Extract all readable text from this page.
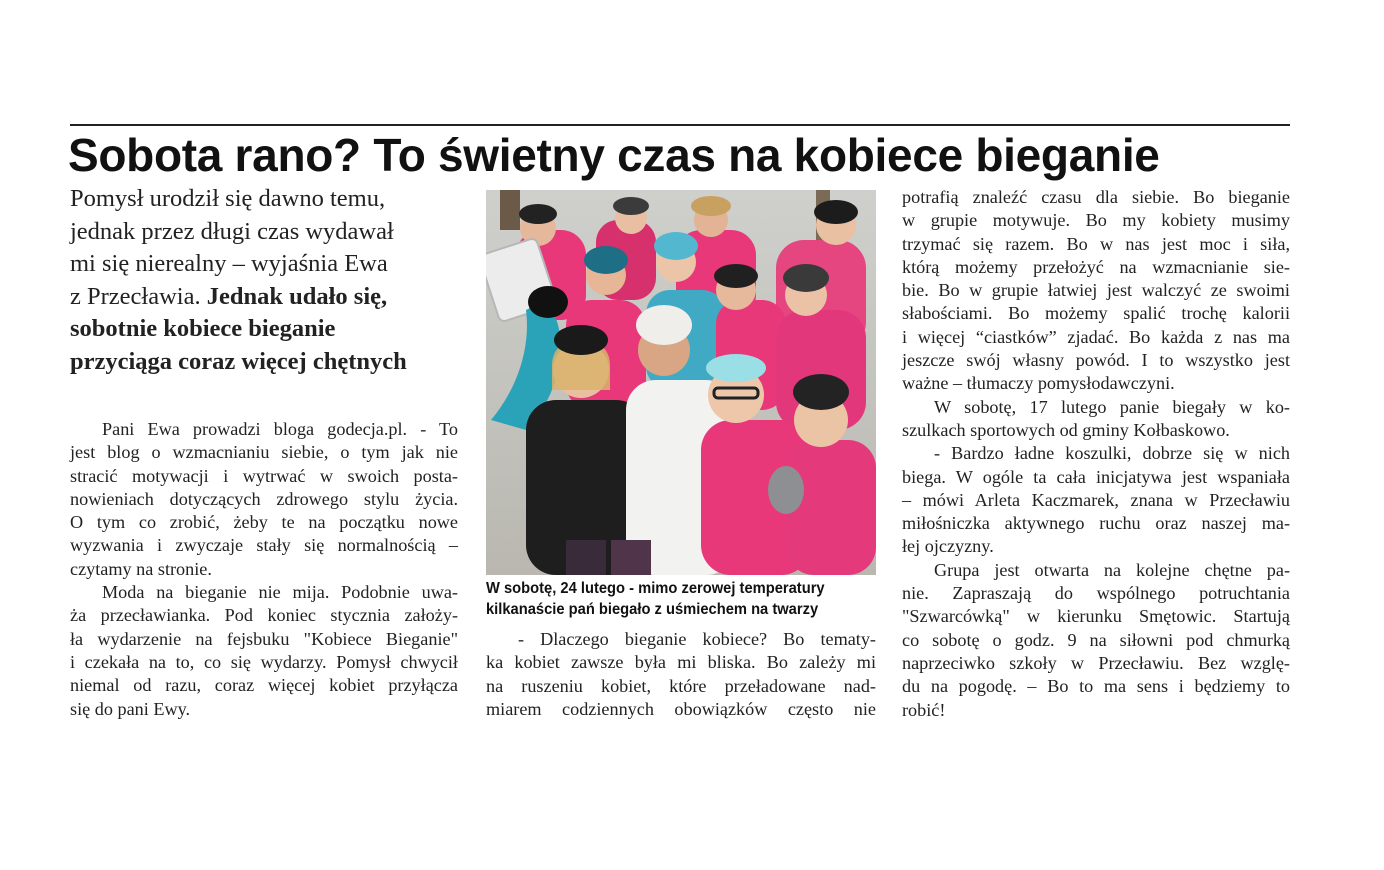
Sobota rano? To świetny czas na kobiece bieganie

Pomysł urodził się dawno temu,

jednak przez długi czas wydawał

mi się nierealny – wyjaśnia Ewa

z Przecławia. Jednak udało się,

sobotnie kobiece bieganie

przyciąga coraz więcej chętnych

Pani Ewa prowadzi bloga godecja.pl. - To

jest blog o wzmacnianiu siebie, o tym jak nie

stracić motywacji i wytrwać w swoich posta-

nowieniach dotyczących zdrowego stylu życia.

O tym co zrobić, żeby te na początku nowe

wyzwania i zwyczaje stały się normalnością –

czytamy na stronie.

Moda na bieganie nie mija. Podobnie uwa-

ża przecławianka. Pod koniec stycznia założy-

ła wydarzenie na fejsbuku "Kobiece Bieganie"

i czekała na to, co się wydarzy. Pomysł chwycił

niemal od razu, coraz więcej kobiet przyłącza

się do pani Ewy.

W sobotę, 24 lutego - mimo zerowej temperatury

kilkanaście pań biegało z uśmiechem na twarzy

- Dlaczego bieganie kobiece? Bo tematy-

ka kobiet zawsze była mi bliska. Bo zależy mi

na ruszeniu kobiet, które przeładowane nad-

miarem codziennych obowiązków często nie

potrafią znaleźć czasu dla siebie. Bo bieganie

w grupie motywuje. Bo my kobiety musimy

trzymać się razem. Bo w nas jest moc i siła,

którą możemy przełożyć na wzmacnianie sie-

bie. Bo w grupie łatwiej jest walczyć ze swoimi

słabościami. Bo możemy spalić trochę kalorii

i więcej “ciastków” zjadać. Bo każda z nas ma

jeszcze swój własny powód. I to wszystko jest

ważne – tłumaczy pomysłodawczyni.

W sobotę, 17 lutego panie biegały w ko-

szulkach sportowych od gminy Kołbaskowo.

- Bardzo ładne koszulki, dobrze się w nich

biega. W ogóle ta cała inicjatywa jest wspaniała

– mówi Arleta Kaczmarek, znana w Przecławiu

miłośniczka aktywnego ruchu oraz naszej ma-

łej ojczyzny.

Grupa jest otwarta na kolejne chętne pa-

nie. Zapraszają do wspólnego potruchtania

"Szwarcówką" w kierunku Smętowic. Startują

co sobotę o godz. 9 na siłowni pod chmurką

naprzeciwko szkoły w Przecławiu. Bez wzglę-

du na pogodę. – Bo to ma sens i będziemy to

robić!
